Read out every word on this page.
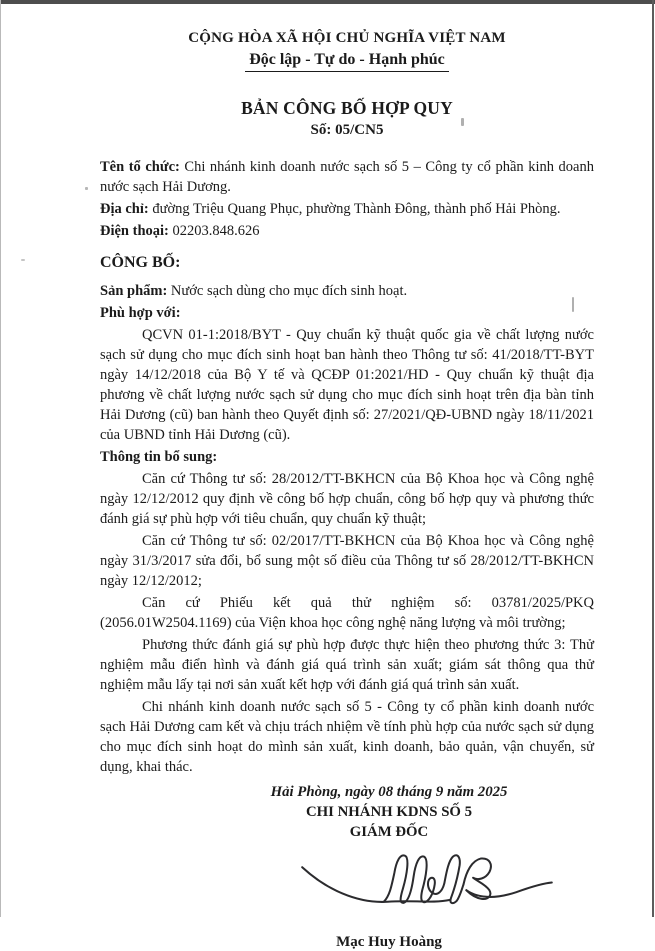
CỘNG HÒA XÃ HỘI CHỦ NGHĨA VIỆT NAM
Độc lập - Tự do - Hạnh phúc
BẢN CÔNG BỐ HỢP QUY
Số: 05/CN5

Tên tổ chức: Chi nhánh kinh doanh nước sạch số 5 – Công ty cổ phần kinh doanh nước sạch Hải Dương.

Địa chỉ: đường Triệu Quang Phục, phường Thành Đông, thành phố Hải Phòng.

Điện thoại: 02203.848.626

CÔNG BỐ:

Sản phẩm: Nước sạch dùng cho mục đích sinh hoạt.

Phù hợp với:

QCVN 01-1:2018/BYT - Quy chuẩn kỹ thuật quốc gia về chất lượng nước sạch sử dụng cho mục đích sinh hoạt ban hành theo Thông tư số: 41/2018/TT-BYT ngày 14/12/2018 của Bộ Y tế và QCĐP 01:2021/HD - Quy chuẩn kỹ thuật địa phương về chất lượng nước sạch sử dụng cho mục đích sinh hoạt trên địa bàn tỉnh Hải Dương (cũ) ban hành theo Quyết định số: 27/2021/QĐ-UBND ngày 18/11/2021 của UBND tỉnh Hải Dương (cũ).

Thông tin bổ sung:

Căn cứ Thông tư số: 28/2012/TT-BKHCN của Bộ Khoa học và Công nghệ ngày 12/12/2012 quy định về công bố hợp chuẩn, công bố hợp quy và phương thức đánh giá sự phù hợp với tiêu chuẩn, quy chuẩn kỹ thuật;

Căn cứ Thông tư số: 02/2017/TT-BKHCN của Bộ Khoa học và Công nghệ ngày 31/3/2017 sửa đổi, bổ sung một số điều của Thông tư số 28/2012/TT-BKHCN ngày 12/12/2012;

Căn cứ Phiếu kết quả thử nghiệm số: 03781/2025/PKQ (2056.01W2504.1169) của Viện khoa học công nghệ năng lượng và môi trường;

Phương thức đánh giá sự phù hợp được thực hiện theo phương thức 3: Thử nghiệm mẫu điển hình và đánh giá quá trình sản xuất; giám sát thông qua thử nghiệm mẫu lấy tại nơi sản xuất kết hợp với đánh giá quá trình sản xuất.

Chi nhánh kinh doanh nước sạch số 5 - Công ty cổ phần kinh doanh nước sạch Hải Dương cam kết và chịu trách nhiệm về tính phù hợp của nước sạch sử dụng cho mục đích sinh hoạt do mình sản xuất, kinh doanh, bảo quản, vận chuyển, sử dụng, khai thác.

Hải Phòng, ngày 08 tháng 9 năm 2025
CHI NHÁNH KDNS SỐ 5
GIÁM ĐỐC
Mạc Huy Hoàng
